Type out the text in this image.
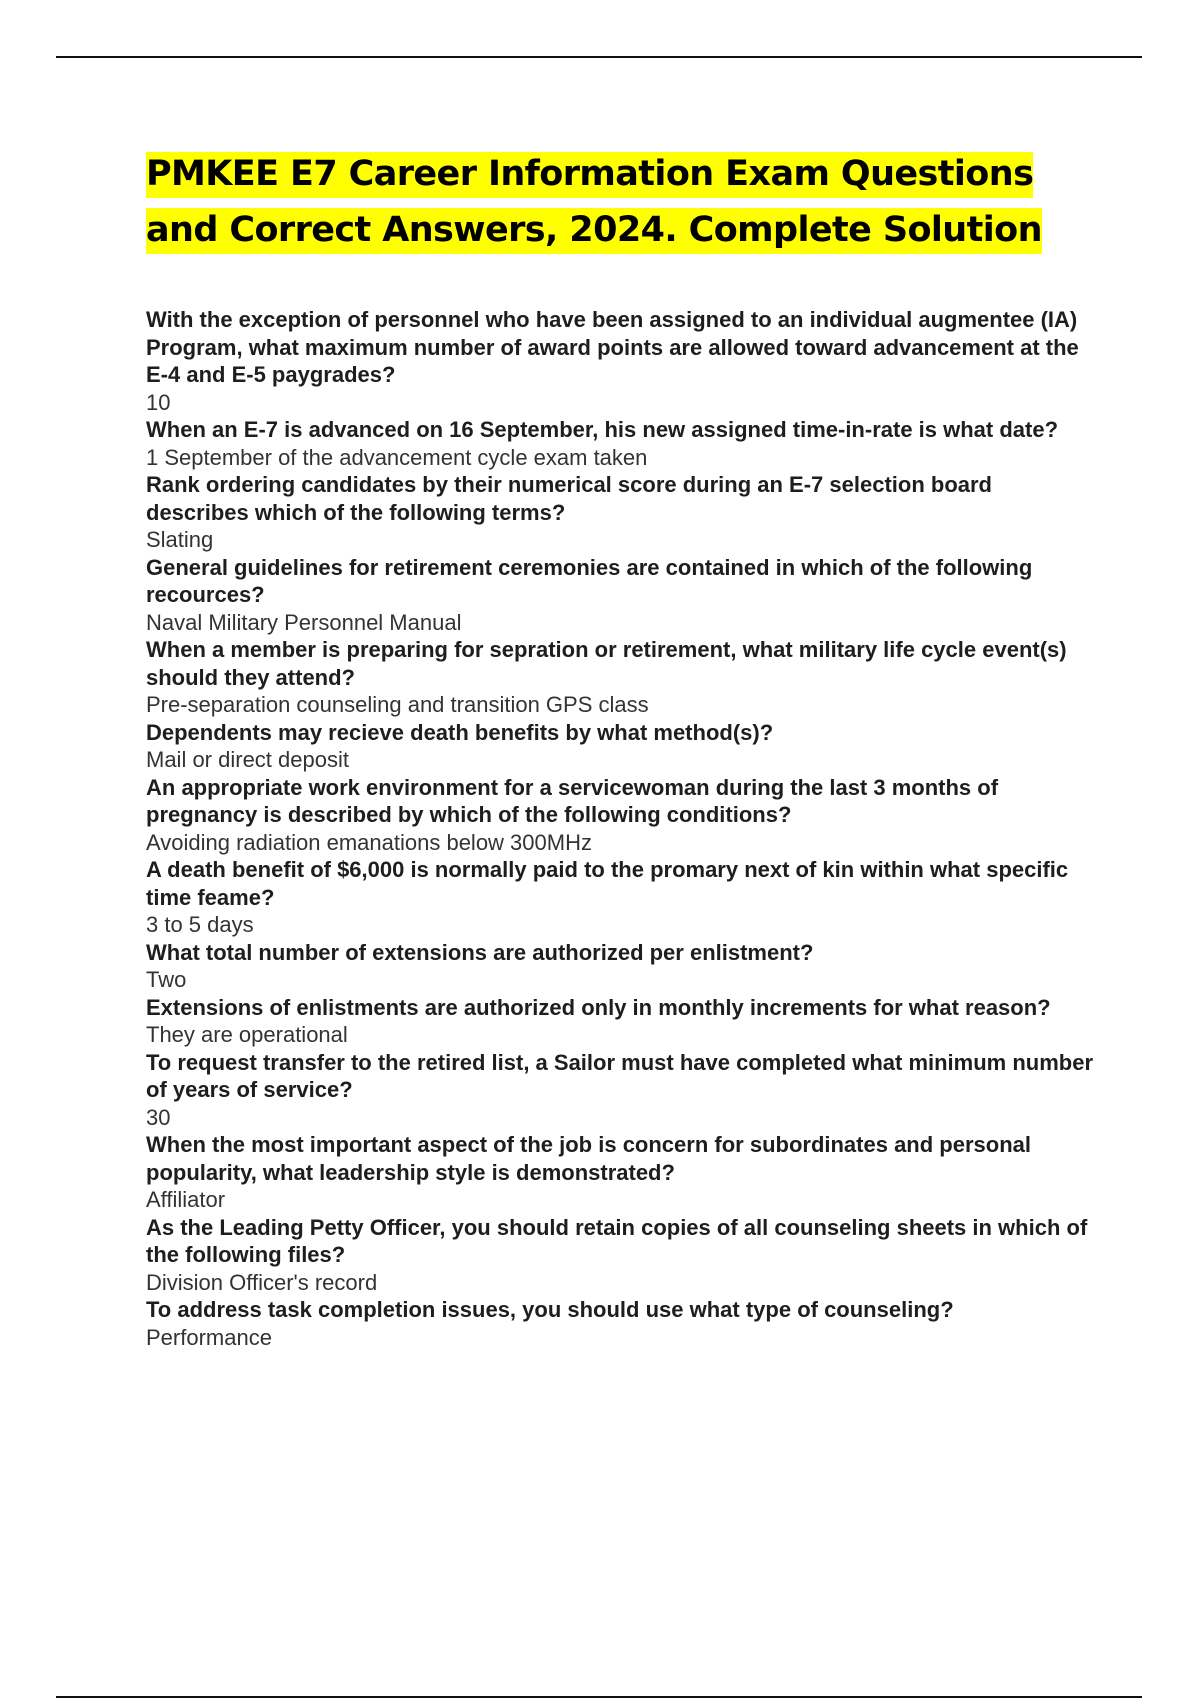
PMKEE E7 Career Information Exam Questions and Correct Answers, 2024. Complete Solution

With the exception of personnel who have been assigned to an individual augmentee (IA) Program, what maximum number of award points are allowed toward advancement at the E-4 and E-5 paygrades?

10

When an E-7 is advanced on 16 September, his new assigned time-in-rate is what date?

1 September of the advancement cycle exam taken

Rank ordering candidates by their numerical score during an E-7 selection board describes which of the following terms?

Slating

General guidelines for retirement ceremonies are contained in which of the following recources?

Naval Military Personnel Manual

When a member is preparing for sepration or retirement, what military life cycle event(s) should they attend?

Pre-separation counseling and transition GPS class

Dependents may recieve death benefits by what method(s)?

Mail or direct deposit

An appropriate work environment for a servicewoman during the last 3 months of pregnancy is described by which of the following conditions?

Avoiding radiation emanations below 300MHz

A death benefit of $6,000 is normally paid to the promary next of kin within what specific time feame?

3 to 5 days

What total number of extensions are authorized per enlistment?

Two

Extensions of enlistments are authorized only in monthly increments for what reason?

They are operational

To request transfer to the retired list, a Sailor must have completed what minimum number of years of service?

30

When the most important aspect of the job is concern for subordinates and personal popularity, what leadership style is demonstrated?

Affiliator

As the Leading Petty Officer, you should retain copies of all counseling sheets in which of the following files?

Division Officer's record

To address task completion issues, you should use what type of counseling?

Performance
